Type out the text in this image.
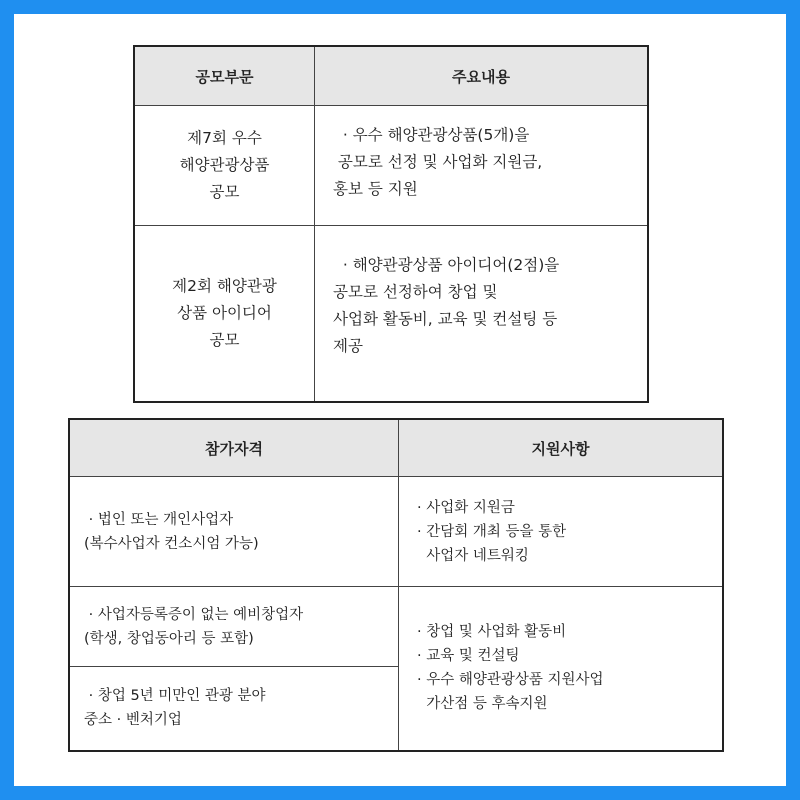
공모부문	주요내용

제7회 우수
해양관광상품
공모	· 우수 해양관광상품(5개)을
공모로 선정 및 사업화 지원금,
홍보 등 지원

제2회 해양관광
상품 아이디어
공모	· 해양관광상품 아이디어(2점)을
공모로 선정하여 창업 및
사업화 활동비, 교육 및 컨설팅 등
제공
참가자격	지원사항

· 법인 또는 개인사업자
(복수사업자 컨소시엄 가능)	· 사업화 지원금
· 간담회 개최 등을 통한
사업자 네트워킹

· 사업자등록증이 없는 예비창업자
(학생, 창업동아리 등 포함)	· 창업 및 사업화 활동비
· 교육 및 컨설팅
· 우수 해양관광상품 지원사업
가산점 등 후속지원

· 창업 5년 미만인 관광 분야
중소 · 벤처기업	
